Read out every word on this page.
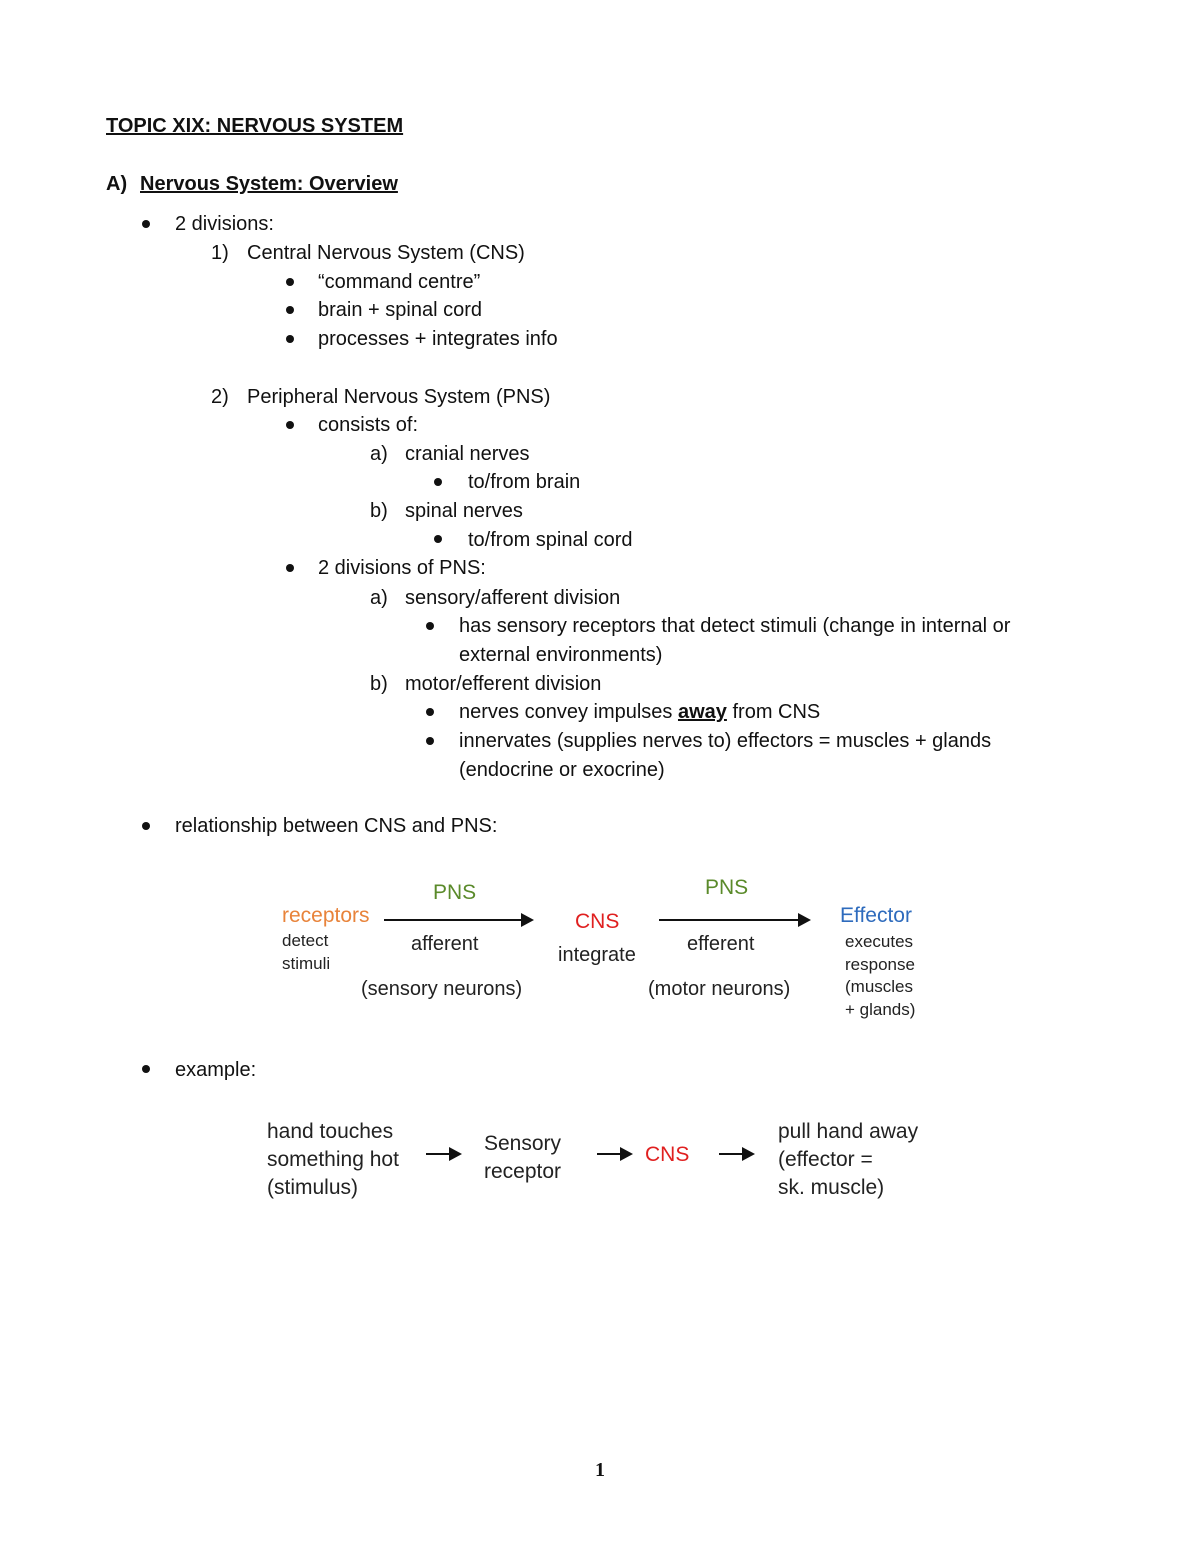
TOPIC XIX: NERVOUS SYSTEM
A) Nervous System: Overview
2 divisions:
1) Central Nervous System (CNS)
“command centre”
brain + spinal cord
processes + integrates info
2) Peripheral Nervous System (PNS)
consists of:
a) cranial nerves
to/from brain
b) spinal nerves
to/from spinal cord
2 divisions of PNS:
a) sensory/afferent division
has sensory receptors that detect stimuli (change in internal or
external environments)
b) motor/efferent division
nerves convey impulses away from CNS
innervates (supplies nerves to) effectors = muscles + glands
(endocrine or exocrine)
relationship between CNS and PNS:
receptors
detect
stimuli
PNS
afferent
(sensory neurons)
CNS
integrate
PNS
efferent
(motor neurons)
Effector
executes
response
(muscles
+ glands)
example:
hand touches
something hot
(stimulus)
Sensory
receptor
CNS
pull hand away
(effector =
sk. muscle)
1
